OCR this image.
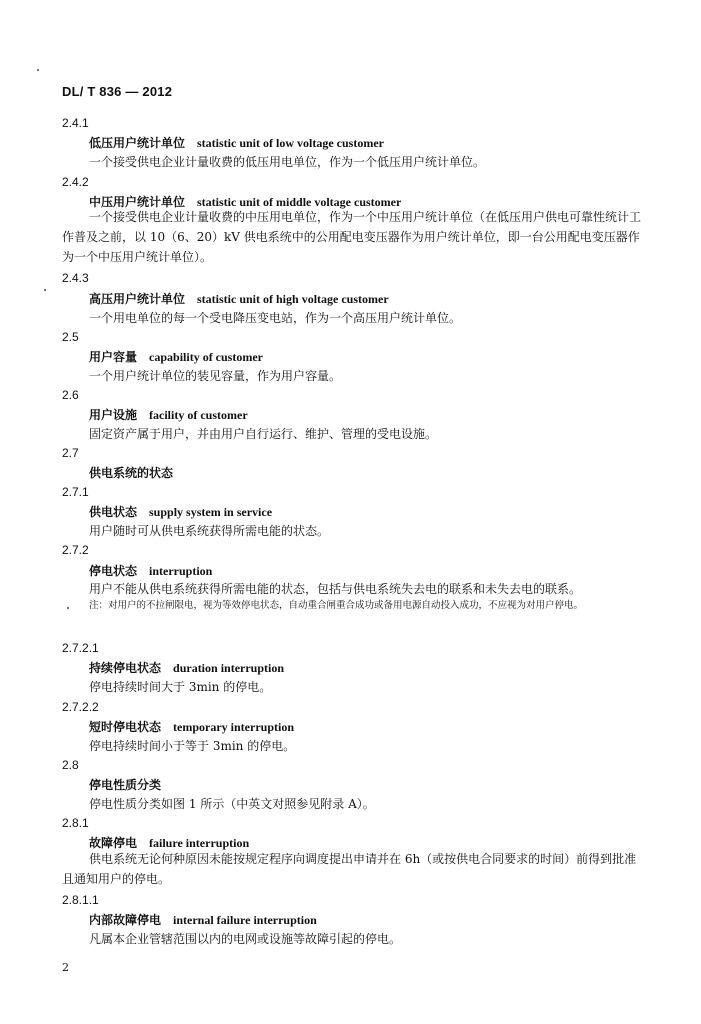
DL/ T 836 — 2012
2.4.1
低压用户统计单位 statistic unit of low voltage customer
一个接受供电企业计量收费的低压用电单位，作为一个低压用户统计单位。
2.4.2
中压用户统计单位 statistic unit of middle voltage customer
一个接受供电企业计量收费的中压用电单位，作为一个中压用户统计单位（在低压用户供电可靠性统计工作普及之前，以 10（6、20）kV 供电系统中的公用配电变压器作为用户统计单位，即一台公用配电变压器作为一个中压用户统计单位）。
2.4.3
高压用户统计单位 statistic unit of high voltage customer
一个用电单位的每一个受电降压变电站，作为一个高压用户统计单位。
2.5
用户容量 capability of customer
一个用户统计单位的装见容量，作为用户容量。
2.6
用户设施 facility of customer
固定资产属于用户，并由用户自行运行、维护、管理的受电设施。
2.7
供电系统的状态
2.7.1
供电状态 supply system in service
用户随时可从供电系统获得所需电能的状态。
2.7.2
停电状态 interruption
用户不能从供电系统获得所需电能的状态，包括与供电系统失去电的联系和未失去电的联系。
注：对用户的不拉闸限电，视为等效停电状态，自动重合闸重合成功或备用电源自动投入成功，不应视为对用户停电。
2.7.2.1
持续停电状态 duration interruption
停电持续时间大于 3min 的停电。
2.7.2.2
短时停电状态 temporary interruption
停电持续时间小于等于 3min 的停电。
2.8
停电性质分类
停电性质分类如图 1 所示（中英文对照参见附录 A）。
2.8.1
故障停电 failure interruption
供电系统无论何种原因未能按规定程序向调度提出申请并在 6h（或按供电合同要求的时间）前得到批准且通知用户的停电。
2.8.1.1
内部故障停电 internal failure interruption
凡属本企业管辖范围以内的电网或设施等故障引起的停电。
2
